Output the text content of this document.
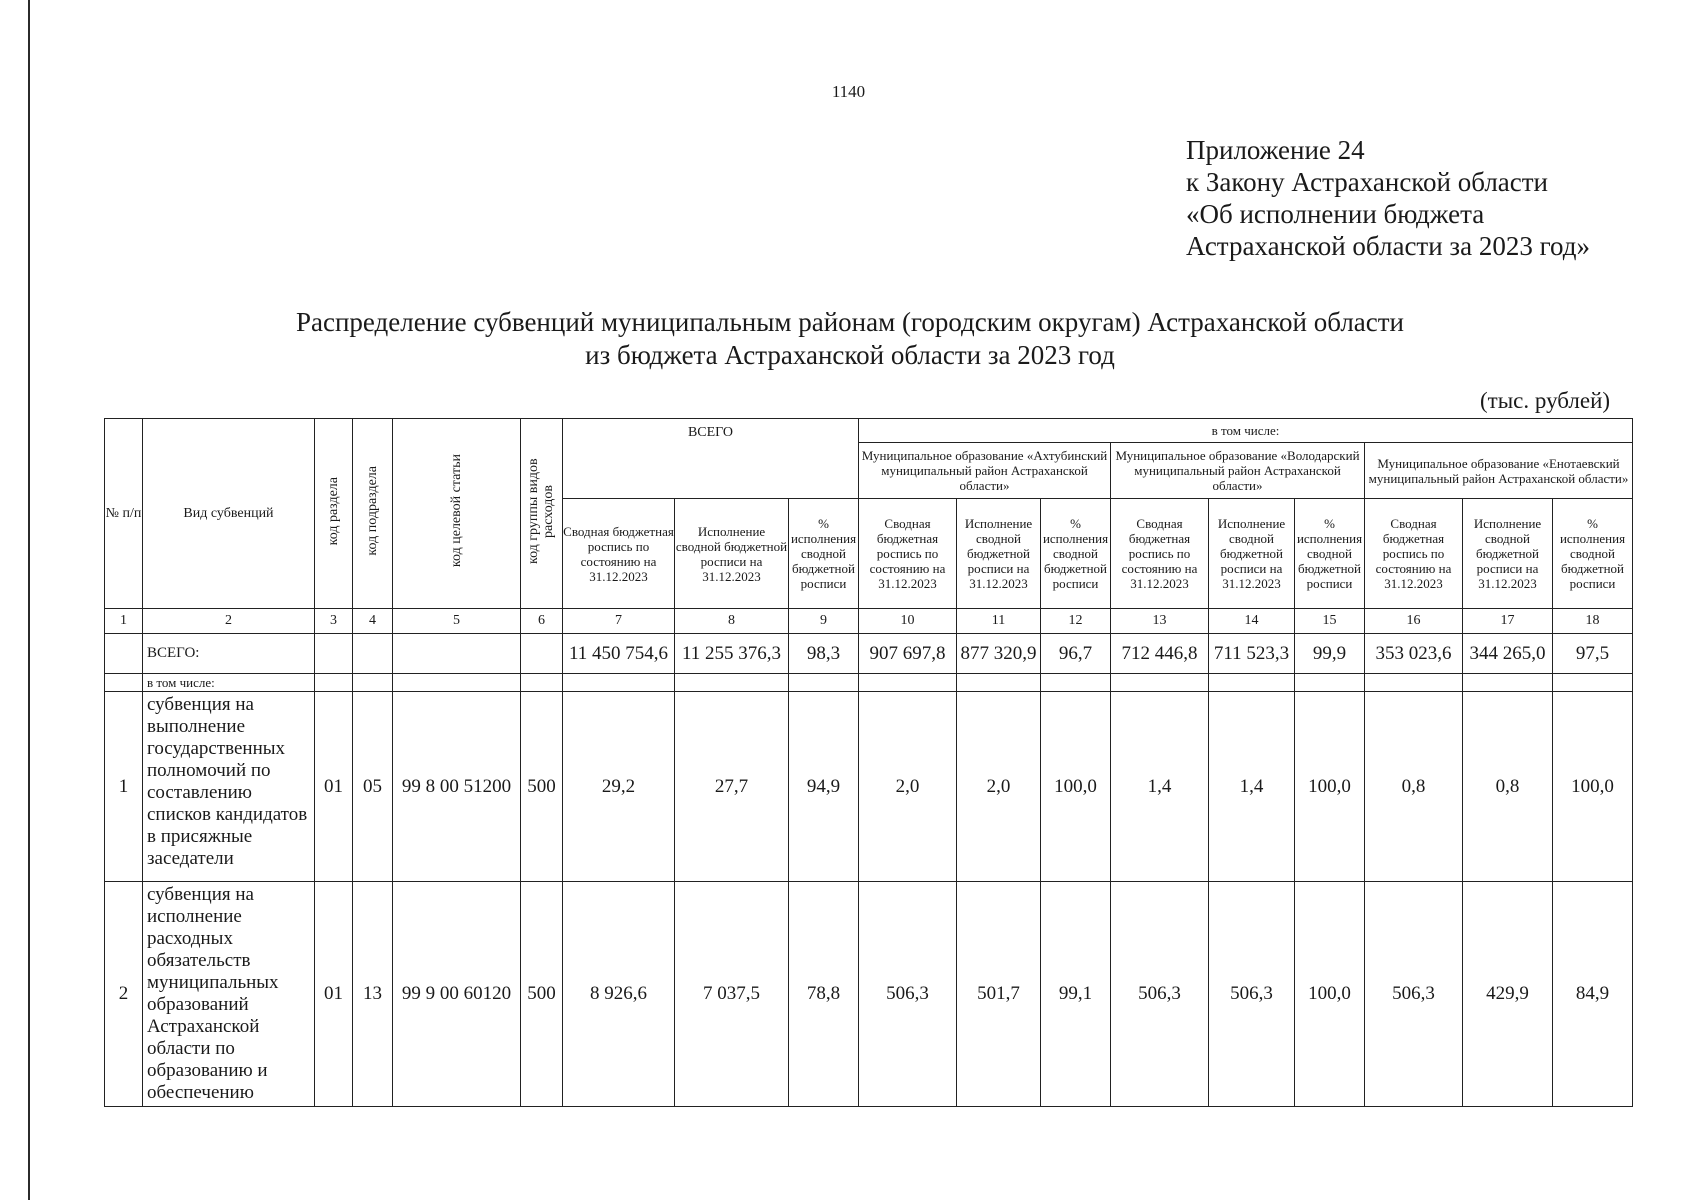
1140
Приложение 24
к Закону Астраханской области
«Об исполнении бюджета
Астраханской области за 2023 год»
Распределение субвенций муниципальным районам (городским округам) Астраханской области
из бюджета Астраханской области за 2023 год
(тыс. рублей)
№ п/п	Вид субвенций	код раздела	код подраздела	код целевой статьи	код группы видов расходов	ВСЕГО			в том числе:								
									Муниципальное образование «Ахтубинский муниципальный район Астраханской области»			Муниципальное образование «Володарский муниципальный район Астраханской области»			Муниципальное образование «Енотаевский муниципальный район Астраханской области»		
						Сводная бюджетная роспись по состоянию на 31.12.2023	Исполнение сводной бюджетной росписи на 31.12.2023	% исполнения сводной бюджетной росписи	Сводная бюджетная роспись по состоянию на 31.12.2023	Исполнение сводной бюджетной росписи на 31.12.2023	% исполнения сводной бюджетной росписи	Сводная бюджетная роспись по состоянию на 31.12.2023	Исполнение сводной бюджетной росписи на 31.12.2023	% исполнения сводной бюджетной росписи	Сводная бюджетная роспись по состоянию на 31.12.2023	Исполнение сводной бюджетной росписи на 31.12.2023	% исполнения сводной бюджетной росписи
1	2	3	4	5	6	7	8	9	10	11	12	13	14	15	16	17	18
	ВСЕГО:					11 450 754,6	11 255 376,3	98,3	907 697,8	877 320,9	96,7	712 446,8	711 523,3	99,9	353 023,6	344 265,0	97,5
	в том числе:																
1	субвенция на выполнение государственных полномочий по составлению списков кандидатов в присяжные заседатели	01	05	99 8 00 51200	500	29,2	27,7	94,9	2,0	2,0	100,0	1,4	1,4	100,0	0,8	0,8	100,0
2	субвенция на исполнение расходных обязательств муниципальных образований Астраханской области по образованию и обеспечению	01	13	99 9 00 60120	500	8 926,6	7 037,5	78,8	506,3	501,7	99,1	506,3	506,3	100,0	506,3	429,9	84,9
